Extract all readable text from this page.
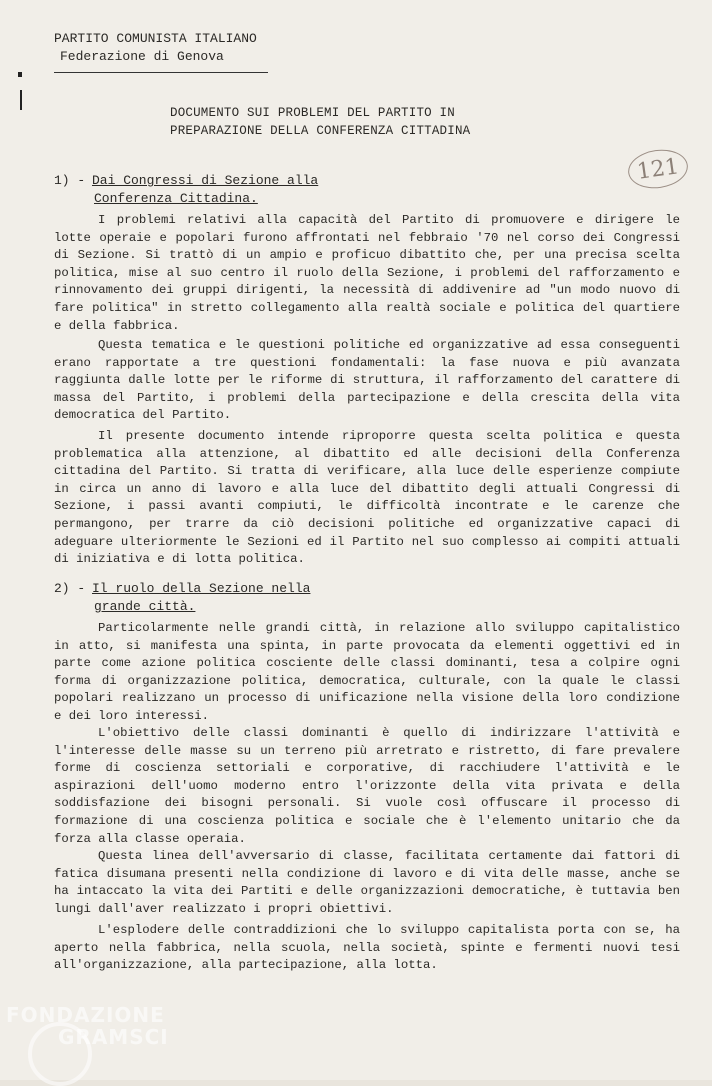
PARTITO COMUNISTA ITALIANO
Federazione di Genova
DOCUMENTO SUI PROBLEMI DEL PARTITO IN
PREPARAZIONE DELLA CONFERENZA CITTADINA
121
1) - Dai Congressi di Sezione alla
Conferenza Cittadina.

I problemi relativi alla capacità del Partito di promuovere e dirigere le lotte operaie e popolari furono affrontati nel febbraio '70 nel corso dei Congressi di Sezione. Si trattò di un ampio e proficuo dibattito che, per una precisa scelta politica, mise al suo centro il ruolo della Sezione, i problemi del rafforzamento e rinnovamento dei gruppi dirigenti, la necessità di addivenire ad "un modo nuovo di fare politica" in stretto collegamento alla realtà sociale e politica del quartiere e della fabbrica.

Questa tematica e le questioni politiche ed organizzative ad essa conseguenti erano rapportate a tre questioni fondamentali: la fase nuova e più avanzata raggiunta dalle lotte per le riforme di struttura, il rafforzamento del carattere di massa del Partito, i problemi della partecipazione e della crescita della vita democratica del Partito.

Il presente documento intende riproporre questa scelta politica e questa problematica alla attenzione, al dibattito ed alle decisioni della Conferenza cittadina del Partito. Si tratta di verificare, alla luce delle esperienze compiute in circa un anno di lavoro e alla luce del dibattito degli attuali Congressi di Sezione, i passi avanti compiuti, le difficoltà incontrate e le carenze che permangono, per trarre da ciò decisioni politiche ed organizzative capaci di adeguare ulteriormente le Sezioni ed il Partito nel suo complesso ai compiti attuali di iniziativa e di lotta politica.

2) - Il ruolo della Sezione nella
grande città.

Particolarmente nelle grandi città, in relazione allo sviluppo capitalistico in atto, si manifesta una spinta, in parte provocata da elementi oggettivi ed in parte come azione politica cosciente delle classi dominanti, tesa a colpire ogni forma di organizzazione politica, democratica, culturale, con la quale le classi popolari realizzano un processo di unificazione nella visione della loro condizione e dei loro interessi.

L'obiettivo delle classi dominanti è quello di indirizzare l'attività e l'interesse delle masse su un terreno più arretrato e ristretto, di fare prevalere forme di coscienza settoriali e corporative, di racchiudere l'attività e le aspirazioni dell'uomo moderno entro l'orizzonte della vita privata e della soddisfazione dei bisogni personali. Si vuole così offuscare il processo di formazione di una coscienza politica e sociale che è l'elemento unitario che da forza alla classe operaia.

Questa linea dell'avversario di classe, facilitata certamente dai fattori di fatica disumana presenti nella condizione di lavoro e di vita delle masse, anche se ha intaccato la vita dei Partiti e delle organizzazioni democratiche, è tuttavia ben lungi dall'aver realizzato i propri obiettivi.

L'esplodere delle contraddizioni che lo sviluppo capitalista porta con se, ha aperto nella fabbrica, nella scuola, nella società, spinte e fermenti nuovi tesi all'organizzazione, alla partecipazione, alla lotta.

FONDAZIONE
GRAMSCI
